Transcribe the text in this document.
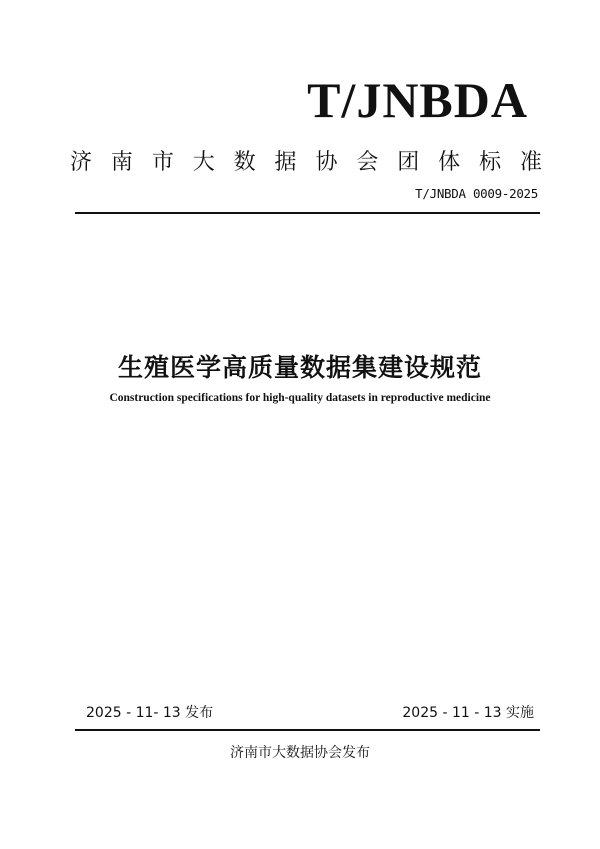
T/JNBDA
济 南 市 大 数 据 协 会 团 体 标 准
T/JNBDA 0009-2025
生殖医学高质量数据集建设规范
Construction specifications for high-quality datasets in reproductive medicine
2025 - 11- 13 发布	2025 - 11 - 13 实施
济南市大数据协会发布
